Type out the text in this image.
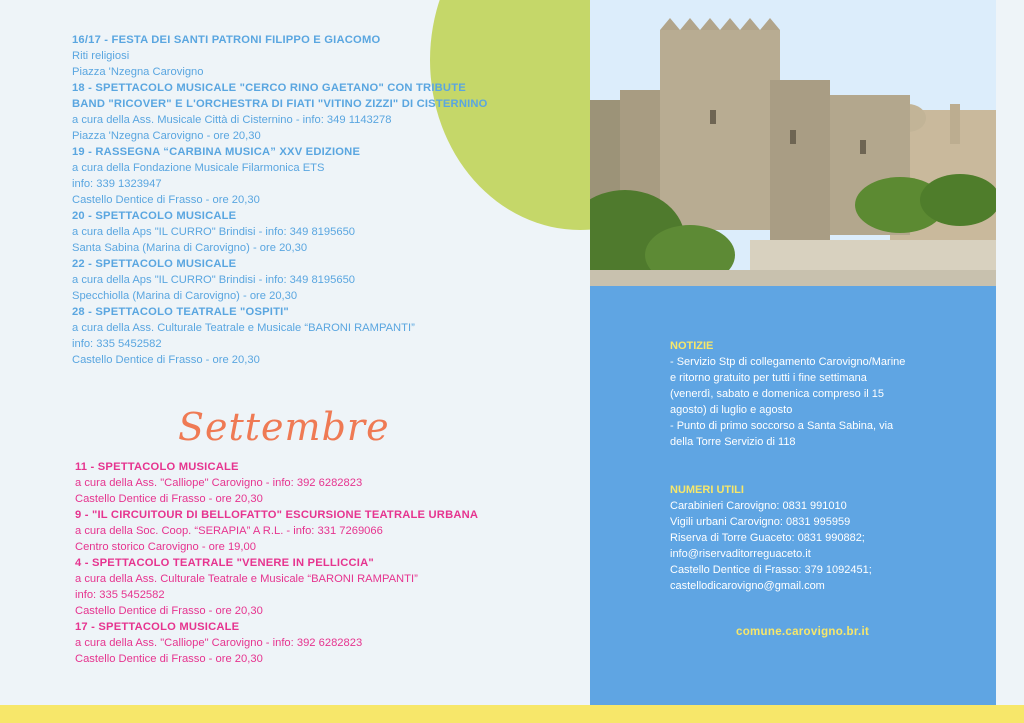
16/17 - FESTA DEI SANTI PATRONI FILIPPO E GIACOMO
Riti religiosi
Piazza 'Nzegna Carovigno
18 - SPETTACOLO MUSICALE "CERCO RINO GAETANO" CON TRIBUTE BAND "RICOVER" E L'ORCHESTRA DI FIATI "VITINO ZIZZI" DI CISTERNINO
a cura della Ass. Musicale Città di Cisternino - info: 349 1143278
Piazza 'Nzegna Carovigno - ore 20,30
19 - RASSEGNA “CARBINA MUSICA” XXV EDIZIONE
a cura della Fondazione Musicale Filarmonica ETS
info: 339 1323947
Castello Dentice di Frasso - ore 20,30
20 - SPETTACOLO MUSICALE
a cura della Aps "IL CURRO" Brindisi - info: 349 8195650
Santa Sabina (Marina di Carovigno) - ore 20,30
22 - SPETTACOLO MUSICALE
a cura della Aps "IL CURRO" Brindisi - info: 349 8195650
Specchiolla (Marina di Carovigno) - ore 20,30
28 - SPETTACOLO TEATRALE "OSPITI"
a cura della Ass. Culturale Teatrale e Musicale “BARONI RAMPANTI”
info: 335 5452582
Castello Dentice di Frasso - ore 20,30
Settembre
11 - SPETTACOLO MUSICALE
a cura della Ass. "Calliope" Carovigno - info: 392 6282823
Castello Dentice di Frasso - ore 20,30
9 - "IL CIRCUITOUR DI BELLOFATTO" ESCURSIONE TEATRALE URBANA
a cura della Soc. Coop. “SERAPIA” A R.L. - info: 331 7269066
Centro storico Carovigno - ore 19,00
4 - SPETTACOLO TEATRALE "VENERE IN PELLICCIA"
a cura della Ass. Culturale Teatrale e Musicale “BARONI RAMPANTI”
info: 335 5452582
Castello Dentice di Frasso - ore 20,30
17 - SPETTACOLO MUSICALE
a cura della Ass. "Calliope" Carovigno - info: 392 6282823
Castello Dentice di Frasso - ore 20,30
NOTIZIE
- Servizio Stp di collegamento Carovigno/Marine
e ritorno gratuito per tutti i fine settimana
(venerdì, sabato e domenica compreso il 15
agosto) di luglio e agosto
- Punto di primo soccorso a Santa Sabina, via
della Torre Servizio di 118
NUMERI UTILI
Carabinieri Carovigno: 0831 991010
Vigili urbani Carovigno: 0831 995959
Riserva di Torre Guaceto: 0831 990882;
info@riservaditorreguaceto.it
Castello Dentice di Frasso: 379 1092451;
castellodicarovigno@gmail.com
comune.carovigno.br.it
